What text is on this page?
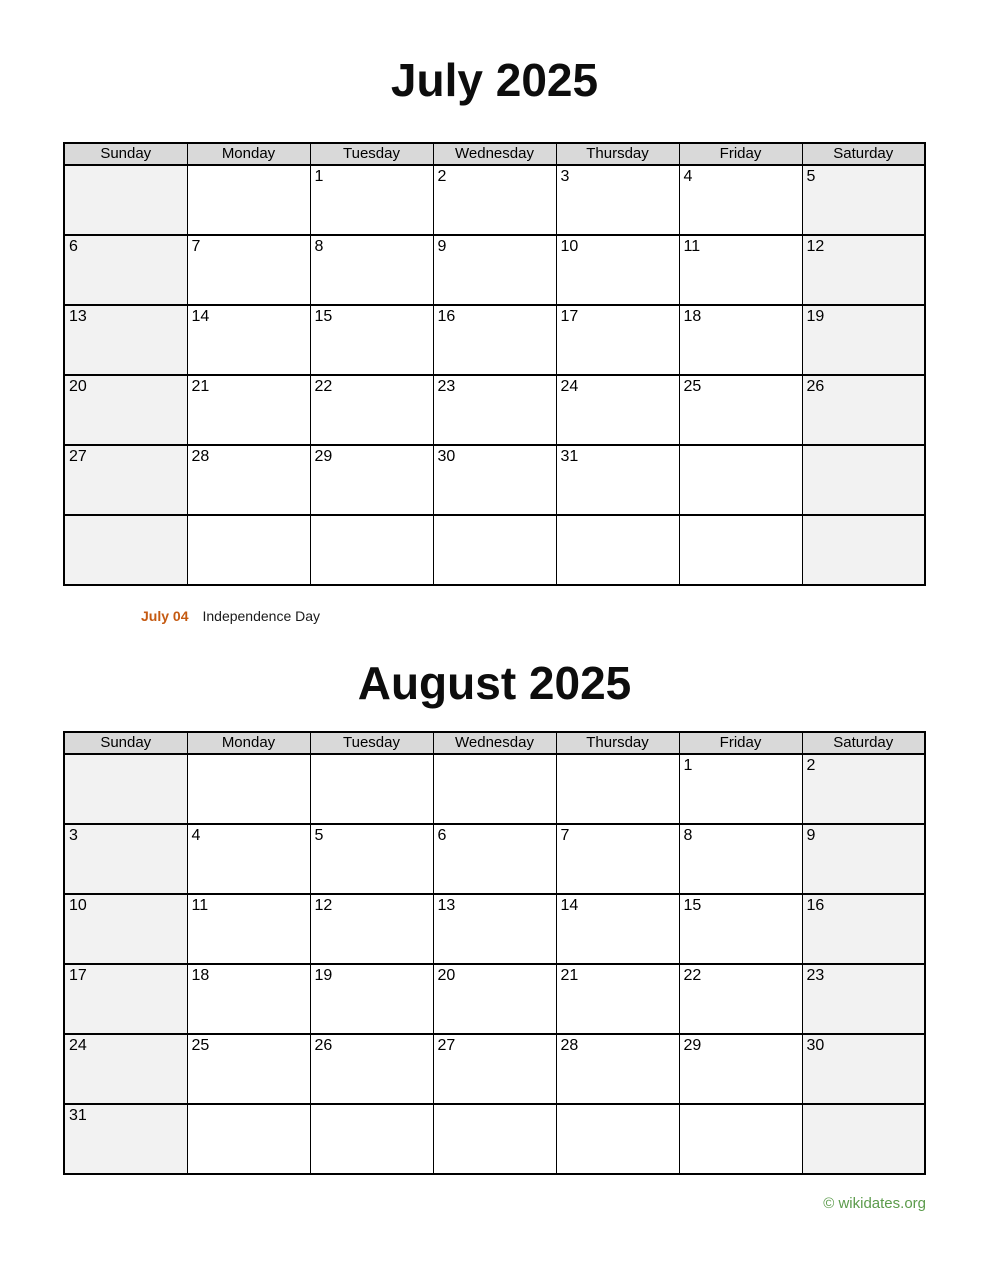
July 2025
Sunday	Monday	Tuesday	Wednesday	Thursday	Friday	Saturday
		1	2	3	4	5
6	7	8	9	10	11	12
13	14	15	16	17	18	19
20	21	22	23	24	25	26
27	28	29	30	31		

July 04 Independence Day
August 2025
Sunday	Monday	Tuesday	Wednesday	Thursday	Friday	Saturday
					1	2
3	4	5	6	7	8	9
10	11	12	13	14	15	16
17	18	19	20	21	22	23
24	25	26	27	28	29	30
31						
© wikidates.org
